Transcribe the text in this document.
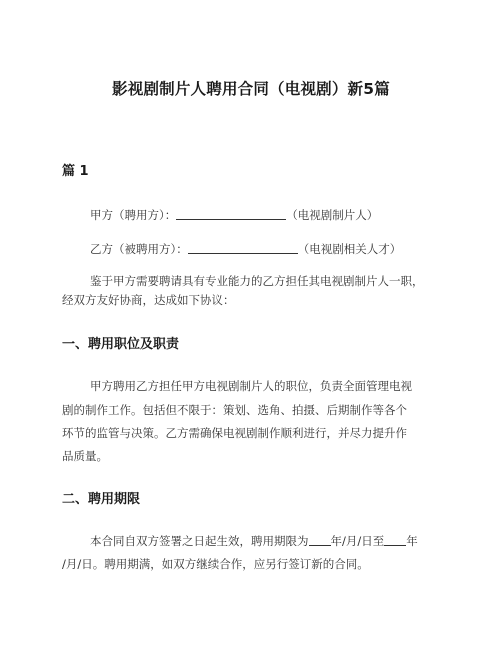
影视剧制片人聘用合同（电视剧）新5篇
篇 1
甲方（聘用方）：	（电视剧制片人）
乙方（被聘用方）：	（电视剧相关人才）
鉴于甲方需要聘请具有专业能力的乙方担任其电视剧制片人一职，
经双方友好协商，达成如下协议：
一、聘用职位及职责
甲方聘用乙方担任甲方电视剧制片人的职位，负责全面管理电视
剧的制作工作。包括但不限于：策划、选角、拍摄、后期制作等各个
环节的监管与决策。乙方需确保电视剧制作顺利进行，并尽力提升作
品质量。
二、聘用期限
本合同自双方签署之日起生效，聘用期限为 年/月/日至 年
/月/日。聘用期满，如双方继续合作，应另行签订新的合同。
